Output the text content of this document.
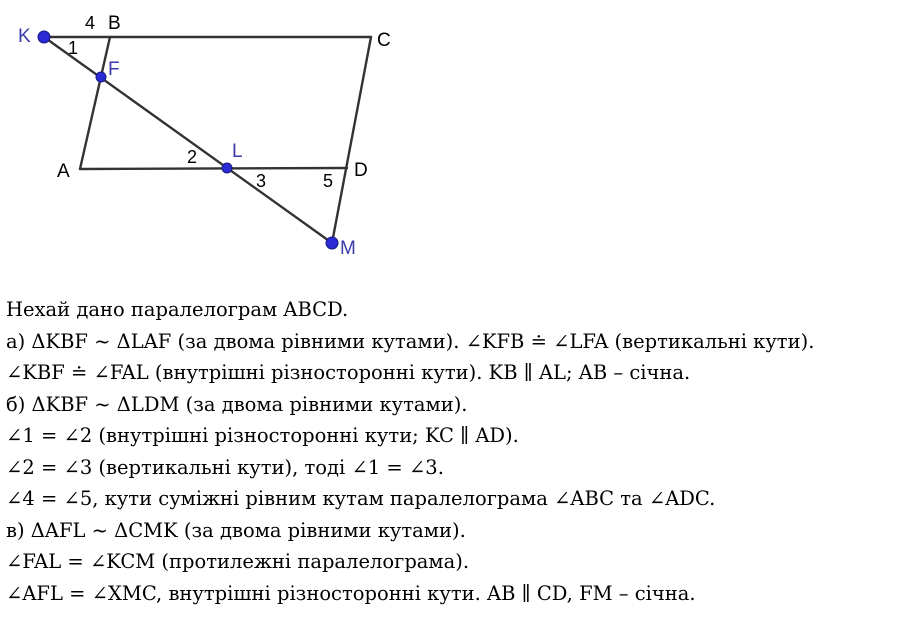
K
B
C
F
A
L
D
M
1
4
2
3	5
Нехай дано паралелограм ABCD.
а) ΔKBF ~ ΔLAF (за двома рівними кутами). ∠KFB ≐ ∠LFA (вертикальні кути).
∠KBF ≐ ∠FAL (внутрішні різносторонні кути). KB ∥ AL; AB – січна.
б) ΔKBF ~ ΔLDM (за двома рівними кутами).
∠1 = ∠2 (внутрішні різносторонні кути; KC ∥ AD).
∠2 = ∠3 (вертикальні кути), тоді ∠1 = ∠3.
∠4 = ∠5, кути суміжні рівним кутам паралелограма ∠ABC та ∠ADC.
в) ΔAFL ~ ΔCMK (за двома рівними кутами).
∠FAL = ∠KCM (протилежні паралелограма).
∠AFL = ∠XMC, внутрішні різносторонні кути. AB ∥ CD, FM – січна.
